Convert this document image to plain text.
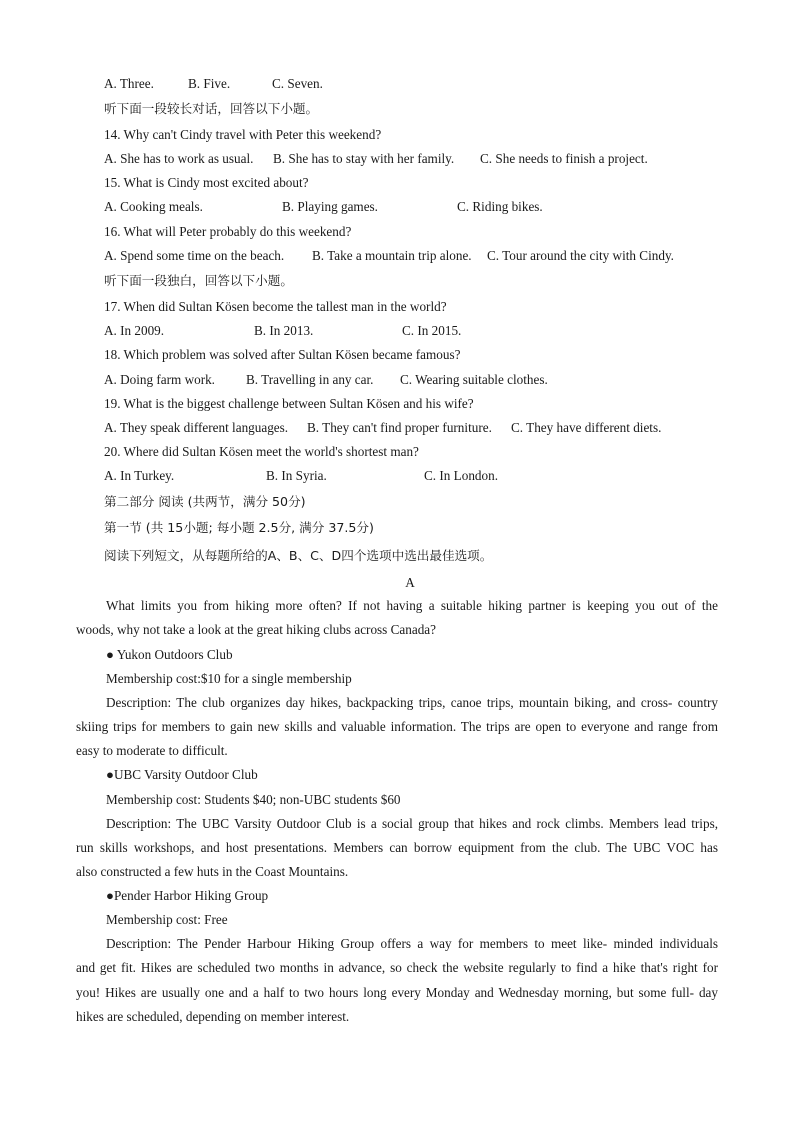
A. Three.	B. Five.	C. Seven.
听下面一段较长对话，回答以下小题。
14. Why can't Cindy travel with Peter this weekend?
A. She has to work as usual. B. She has to stay with her family. C. She needs to finish a project.
15. What is Cindy most excited about?
A. Cooking meals.	B. Playing games.	C. Riding bikes.
16. What will Peter probably do this weekend?
A. Spend some time on the beach. B. Take a mountain trip alone. C. Tour around the city with Cindy.
听下面一段独白，回答以下小题。
17. When did Sultan Kösen become the tallest man in the world?
A. In 2009.	B. In 2013.	C. In 2015.
18. Which problem was solved after Sultan Kösen became famous?
A. Doing farm work. B. Travelling in any car. C. Wearing suitable clothes.
19. What is the biggest challenge between Sultan Kösen and his wife?
A. They speak different languages. B. They can't find proper furniture. C. They have different diets.
20. Where did Sultan Kösen meet the world's shortest man?
A. In Turkey.	B. In Syria.	C. In London.
第二部分 阅读 (共两节，满分 50分)
第一节 (共 15小题; 每小题 2.5分, 满分 37.5分)
阅读下列短文，从每题所给的A、B、C、D四个选项中选出最佳选项。
A
What limits you from hiking more often? If not having a suitable hiking partner is keeping you out of the
woods, why not take a look at the great hiking clubs across Canada?
● Yukon Outdoors Club
Membership cost:$10 for a single membership
Description: The club organizes day hikes, backpacking trips, canoe trips, mountain biking, and cross- country
skiing trips for members to gain new skills and valuable information. The trips are open to everyone and range from
easy to moderate to difficult.
●UBC Varsity Outdoor Club
Membership cost: Students $40; non-UBC students $60
Description: The UBC Varsity Outdoor Club is a social group that hikes and rock climbs. Members lead trips,
run skills workshops, and host presentations. Members can borrow equipment from the club. The UBC VOC has
also constructed a few huts in the Coast Mountains.
●Pender Harbor Hiking Group
Membership cost: Free
Description: The Pender Harbour Hiking Group offers a way for members to meet like- minded individuals
and get fit. Hikes are scheduled two months in advance, so check the website regularly to find a hike that's right for
you! Hikes are usually one and a half to two hours long every Monday and Wednesday morning, but some full- day
hikes are scheduled, depending on member interest.
